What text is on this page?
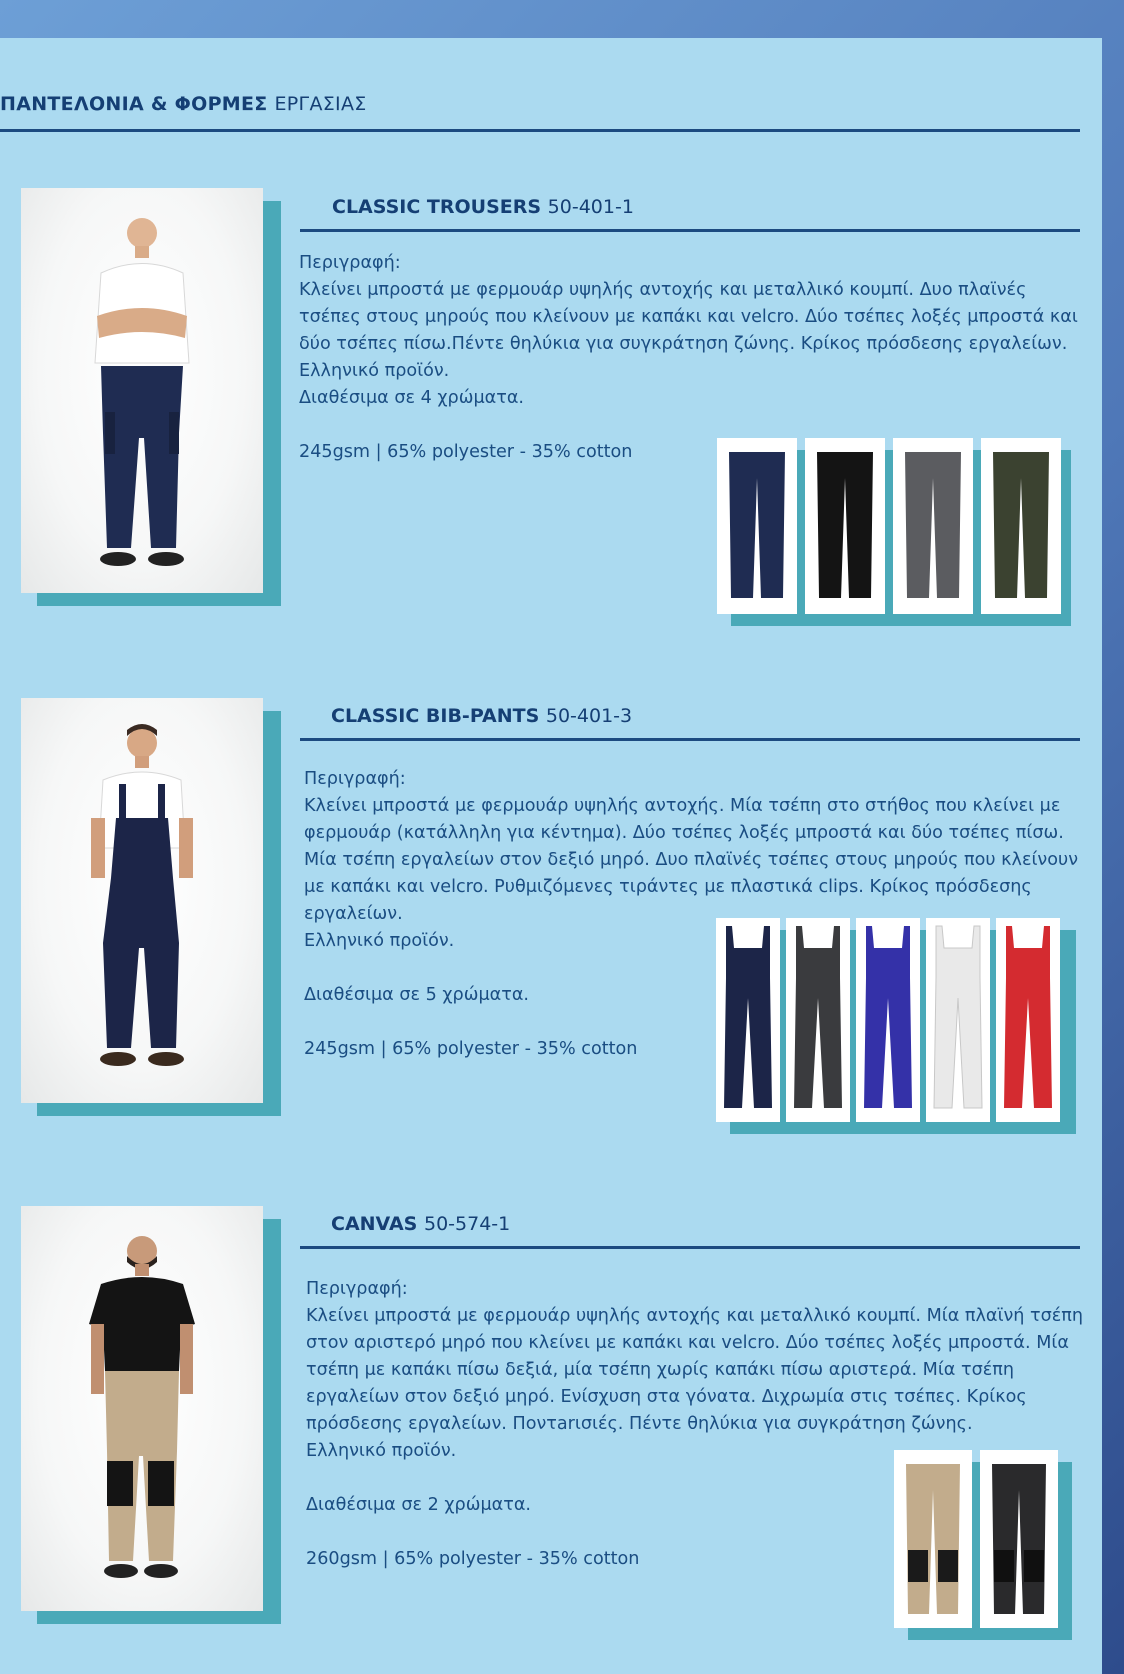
ΠΑΝΤΕΛΟΝΙΑ & ΦΟΡΜΕΣ ΕΡΓΑΣΙΑΣ
CLASSIC TROUSERS 50-401-1

Περιγραφή:

Κλείνει μπροστά με φερμουάρ υψηλής αντοχής και μεταλλικό κουμπί. Δυο πλαϊνές τσέπες στους μηρούς που κλείνουν με καπάκι και velcro. Δύο τσέπες λοξές μπροστά και δύο τσέπες πίσω.Πέντε θηλύκια για συγκράτηση ζώνης. Κρίκος πρόσδεσης εργαλείων.

Ελληνικό προϊόν.

Διαθέσιμα σε 4 χρώματα.

245gsm | 65% polyester - 35% cotton

CLASSIC BIB-PANTS 50-401-3

Περιγραφή:

Κλείνει μπροστά με φερμουάρ υψηλής αντοχής. Μία τσέπη στο στήθος που κλείνει με φερμουάρ (κατάλληλη για κέντημα). Δύο τσέπες λοξές μπροστά και δύο τσέπες πίσω. Μία τσέπη εργαλείων στον δεξιό μηρό. Δυο πλαϊνές τσέπες στους μηρούς που κλείνουν με καπάκι και velcro. Ρυθμιζόμενες τιράντες με πλαστικά clips. Κρίκος πρόσδεσης εργαλείων.

Ελληνικό προϊόν.

Διαθέσιμα σε 5 χρώματα.

245gsm | 65% polyester - 35% cotton

CANVAS 50-574-1

Περιγραφή:

Κλείνει μπροστά με φερμουάρ υψηλής αντοχής και μεταλλικό κουμπί. Μία πλαϊνή τσέπη στον αριστερό μηρό που κλείνει με καπάκι και velcro. Δύο τσέπες λοξές μπροστά. Μία τσέπη με καπάκι πίσω δεξιά, μία τσέπη χωρίς καπάκι πίσω αριστερά. Μία τσέπη εργαλείων στον δεξιό μηρό. Ενίσχυση στα γόνατα. Διχρωμία στις τσέπες. Κρίκος πρόσδεσης εργαλείων. Ποντarισιές. Πέντε θηλύκια για συγκράτηση ζώνης.

Ελληνικό προϊόν.

Διαθέσιμα σε 2 χρώματα.

260gsm | 65% polyester - 35% cotton
